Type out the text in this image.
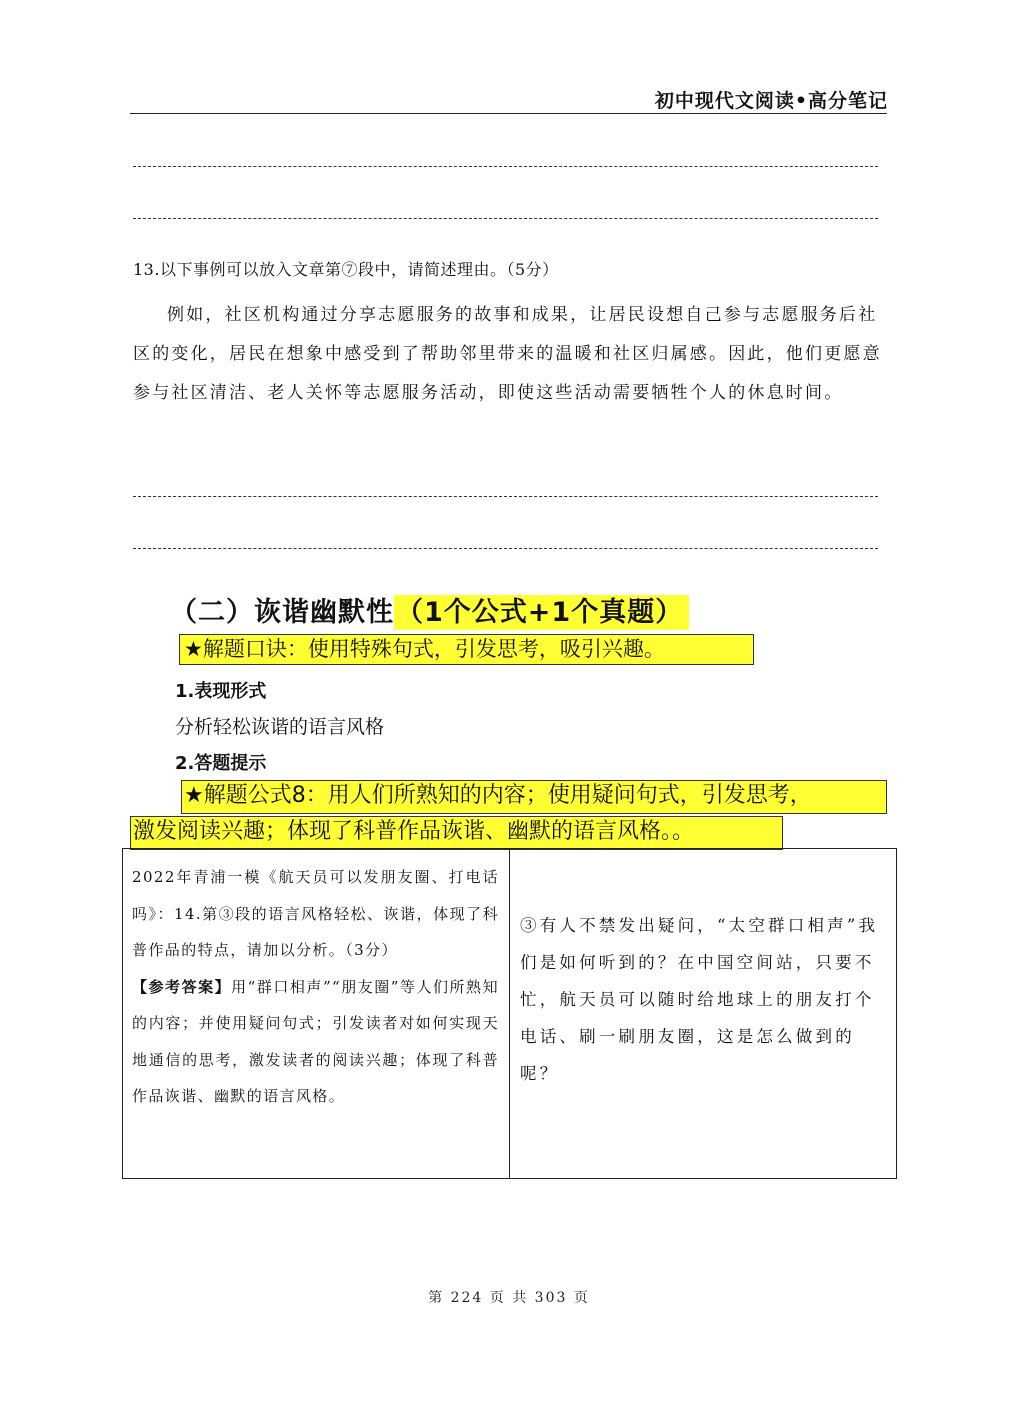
初中现代文阅读•高分笔记
13.以下事例可以放入文章第⑦段中，请简述理由。（5分）

例如，社区机构通过分享志愿服务的故事和成果，让居民设想自己参与志愿服务后社区的变化，居民在想象中感受到了帮助邻里带来的温暖和社区归属感。因此，他们更愿意参与社区清洁、老人关怀等志愿服务活动，即使这些活动需要牺牲个人的休息时间。

（二）诙谐幽默性（1个公式+1个真题）
★解题口诀：使用特殊句式，引发思考，吸引兴趣。
1.表现形式
分析轻松诙谐的语言风格
2.答题提示
★解题公式8：用人们所熟知的内容；使用疑问句式，引发思考，
激发阅读兴趣；体现了科普作品诙谐、幽默的语言风格。。
2022年青浦一模《航天员可以发朋友圈、打电话吗》：14.第③段的语言风格轻松、诙谐，体现了科普作品的特点，请加以分析。（3分）
【参考答案】用“群口相声”“朋友圈”等人们所熟知的内容；并使用疑问句式；引发读者对如何实现天地通信的思考，激发读者的阅读兴趣；体现了科普作品诙谐、幽默的语言风格。
③有人不禁发出疑问，“太空群口相声”我们是如何听到的？在中国空间站，只要不忙，航天员可以随时给地球上的朋友打个电话、刷一刷朋友圈，这是怎么做到的呢？
第 224 页 共 303 页
